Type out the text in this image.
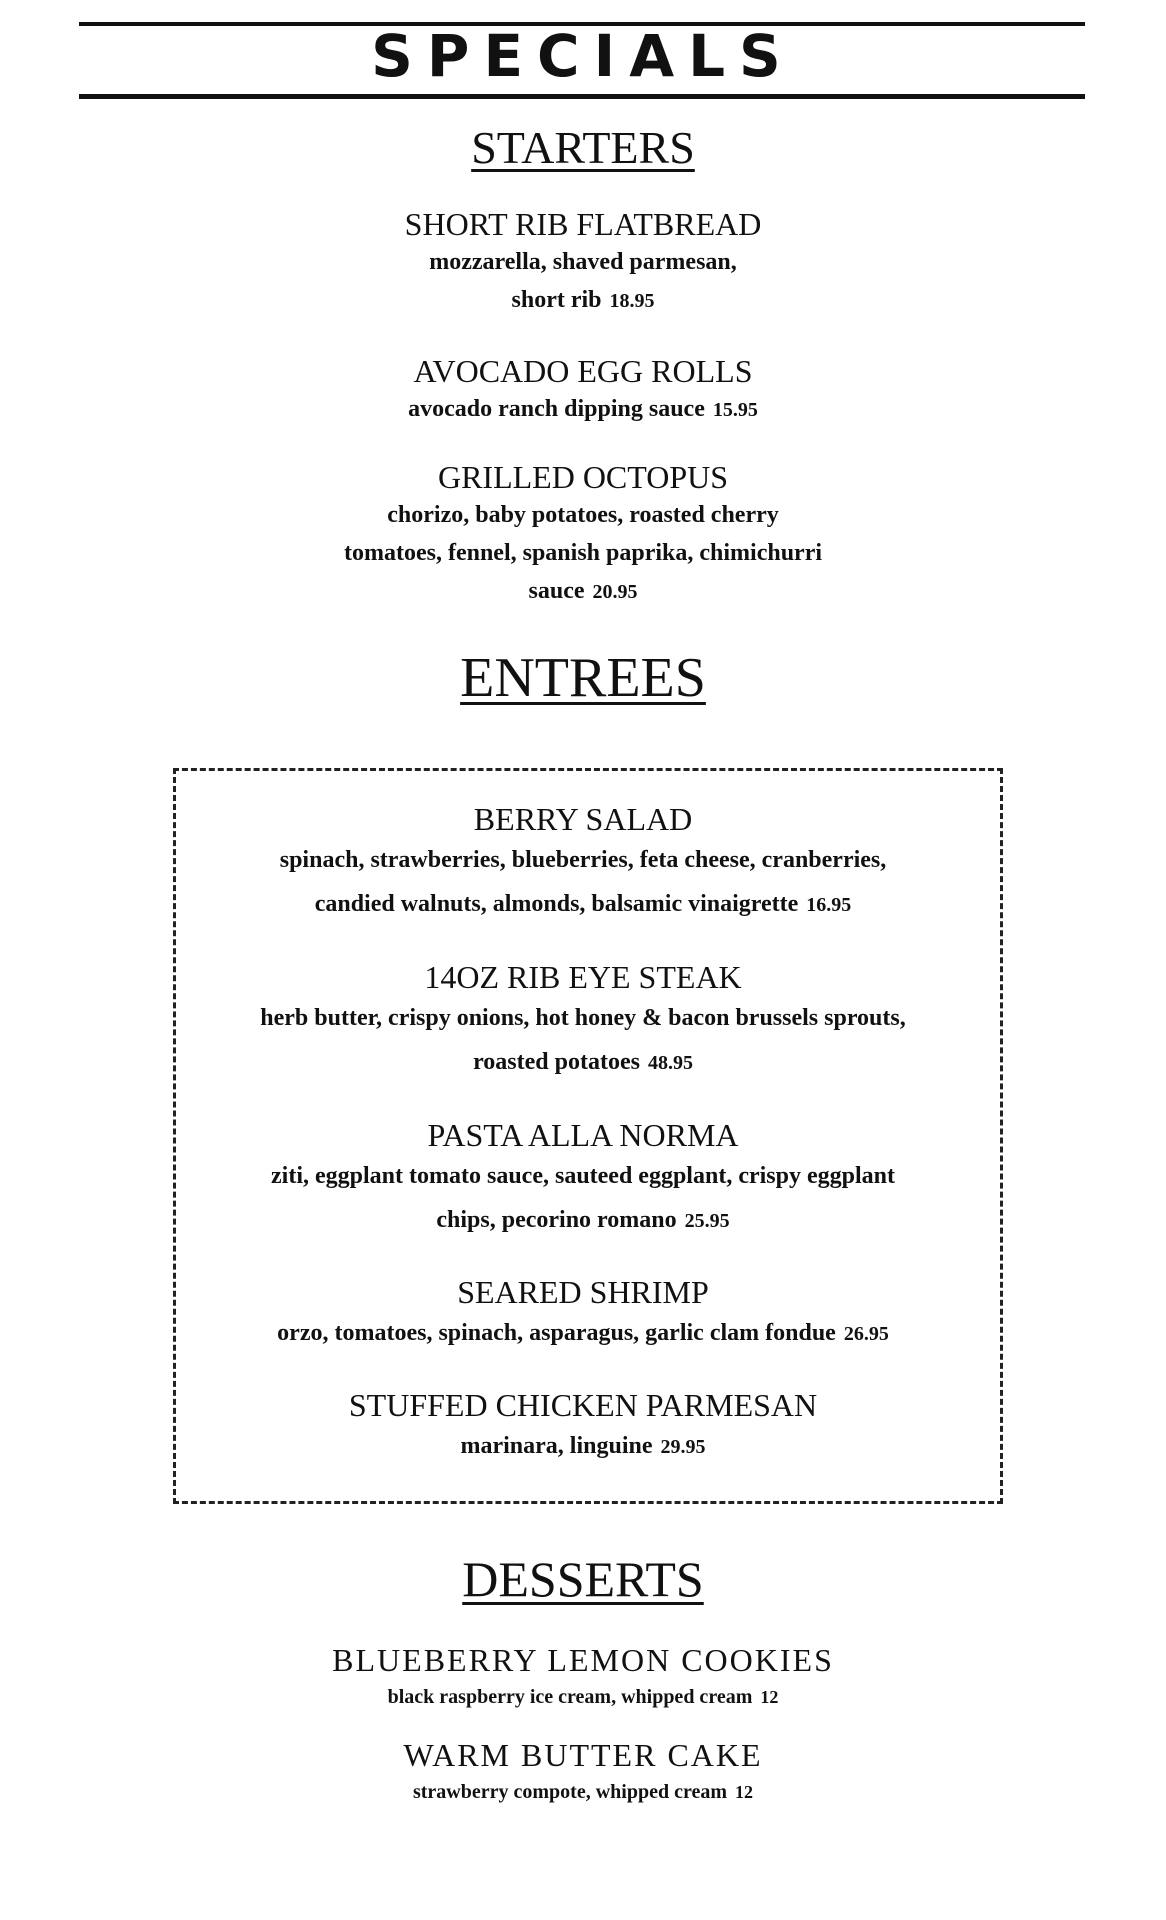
SPECIALS
STARTERS
SHORT RIB FLATBREAD
mozzarella, shaved parmesan,
short rib 18.95
AVOCADO EGG ROLLS
avocado ranch dipping sauce 15.95
GRILLED OCTOPUS
chorizo, baby potatoes, roasted cherry
tomatoes, fennel, spanish paprika, chimichurri
sauce 20.95
ENTREES
BERRY SALAD
spinach, strawberries, blueberries, feta cheese, cranberries,
candied walnuts, almonds, balsamic vinaigrette 16.95
14OZ RIB EYE STEAK
herb butter, crispy onions, hot honey & bacon brussels sprouts,
roasted potatoes 48.95
PASTA ALLA NORMA
ziti, eggplant tomato sauce, sauteed eggplant, crispy eggplant
chips, pecorino romano 25.95
SEARED SHRIMP
orzo, tomatoes, spinach, asparagus, garlic clam fondue 26.95
STUFFED CHICKEN PARMESAN
marinara, linguine 29.95
DESSERTS
BLUEBERRY LEMON COOKIES
black raspberry ice cream, whipped cream 12
WARM BUTTER CAKE
strawberry compote, whipped cream 12
